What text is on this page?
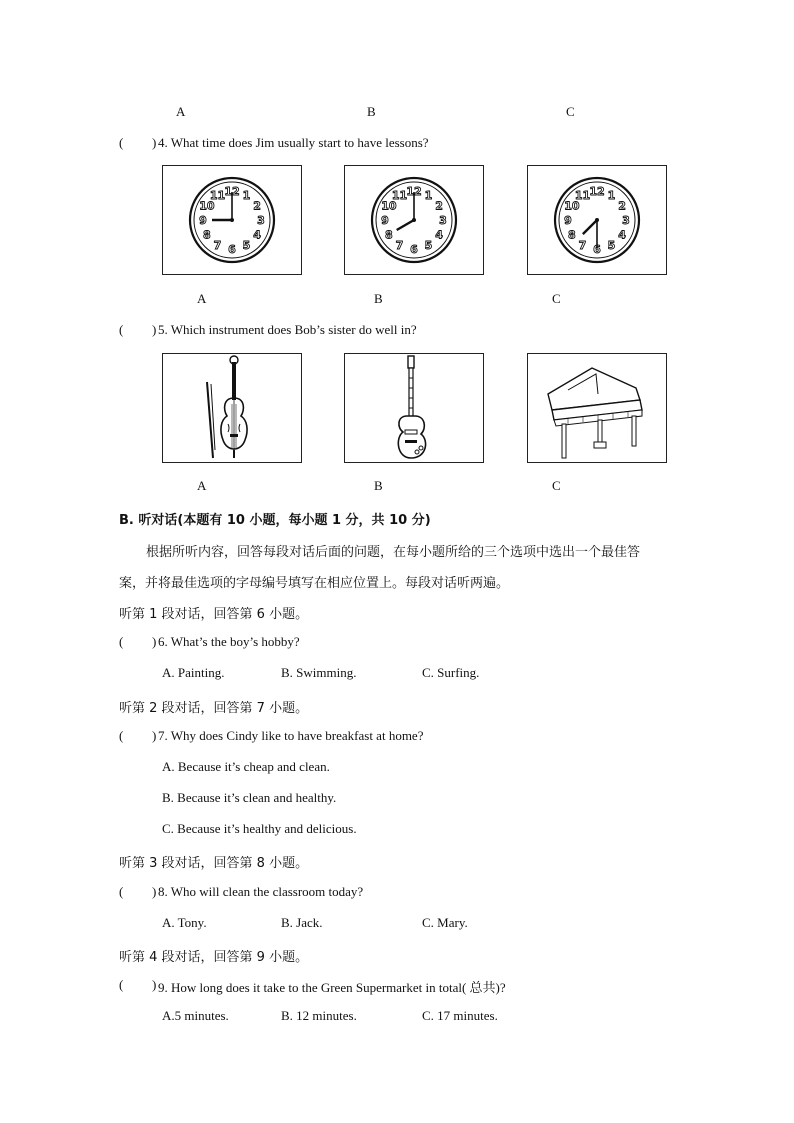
A	B	C
( ) 4. What time does Jim usually start to have lessons?
12 1
2
3
4
5
6
7
8
9
10
11	12 1
2
3
4
5
6
7
8
9
10
11	12 1
2
3
4
5
6
7
8
9
10
11
A	B	C
( ) 5. Which instrument does Bob’s sister do well in?
A	B	C
B. 听对话(本题有 10 小题，每小题 1 分，共 10 分)
根据所听内容，回答每段对话后面的问题，在每小题所给的三个选项中选出一个最佳答
案，并将最佳选项的字母编号填写在相应位置上。每段对话听两遍。
听第 1 段对话，回答第 6 小题。
( ) 6. What’s the boy’s hobby?
A. Painting.	B. Swimming.	C. Surfing.
听第 2 段对话，回答第 7 小题。
( ) 7. Why does Cindy like to have breakfast at home?
A. Because it’s cheap and clean.
B. Because it’s clean and healthy.
C. Because it’s healthy and delicious.
听第 3 段对话，回答第 8 小题。
( ) 8. Who will clean the classroom today?
A. Tony.	B. Jack.	C. Mary.
听第 4 段对话，回答第 9 小题。
( ) 9. How long does it take to the Green Supermarket in total( 总共)?
A.5 minutes.	B. 12 minutes.	C. 17 minutes.
